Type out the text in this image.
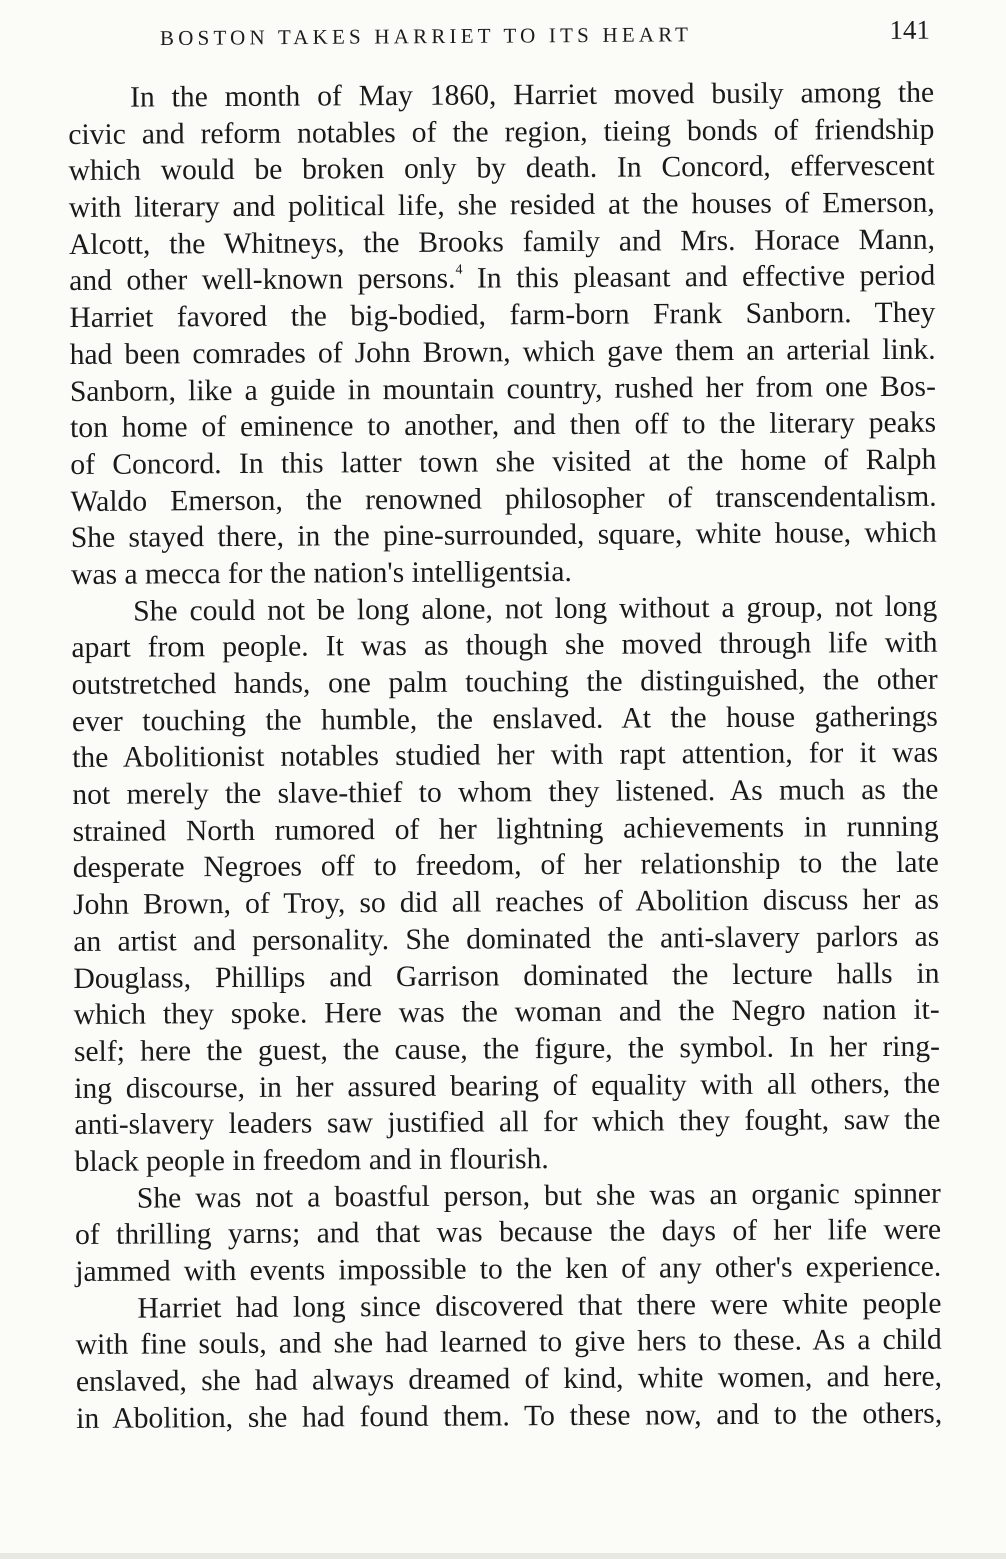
BOSTON TAKES HARRIET TO ITS HEART	141
In the month of May 1860, Harriet moved busily among the
civic and reform notables of the region, tieing bonds of friendship
which would be broken only by death. In Concord, effervescent
with literary and political life, she resided at the houses of Emerson,
Alcott, the Whitneys, the Brooks family and Mrs. Horace Mann,
and other well-known persons.$^4$ In this pleasant and effective period
Harriet favored the big-bodied, farm-born Frank Sanborn. They
had been comrades of John Brown, which gave them an arterial link.
Sanborn, like a guide in mountain country, rushed her from one Bos-
ton home of eminence to another, and then off to the literary peaks
of Concord. In this latter town she visited at the home of Ralph
Waldo Emerson, the renowned philosopher of transcendentalism.
She stayed there, in the pine-surrounded, square, white house, which
was a mecca for the nation's intelligentsia.
She could not be long alone, not long without a group, not long
apart from people. It was as though she moved through life with
outstretched hands, one palm touching the distinguished, the other
ever touching the humble, the enslaved. At the house gatherings
the Abolitionist notables studied her with rapt attention, for it was
not merely the slave-thief to whom they listened. As much as the
strained North rumored of her lightning achievements in running
desperate Negroes off to freedom, of her relationship to the late
John Brown, of Troy, so did all reaches of Abolition discuss her as
an artist and personality. She dominated the anti-slavery parlors as
Douglass, Phillips and Garrison dominated the lecture halls in
which they spoke. Here was the woman and the Negro nation it-
self; here the guest, the cause, the figure, the symbol. In her ring-
ing discourse, in her assured bearing of equality with all others, the
anti-slavery leaders saw justified all for which they fought, saw the
black people in freedom and in flourish.
She was not a boastful person, but she was an organic spinner
of thrilling yarns; and that was because the days of her life were
jammed with events impossible to the ken of any other's experience.
Harriet had long since discovered that there were white people
with fine souls, and she had learned to give hers to these. As a child
enslaved, she had always dreamed of kind, white women, and here,
in Abolition, she had found them. To these now, and to the others,
